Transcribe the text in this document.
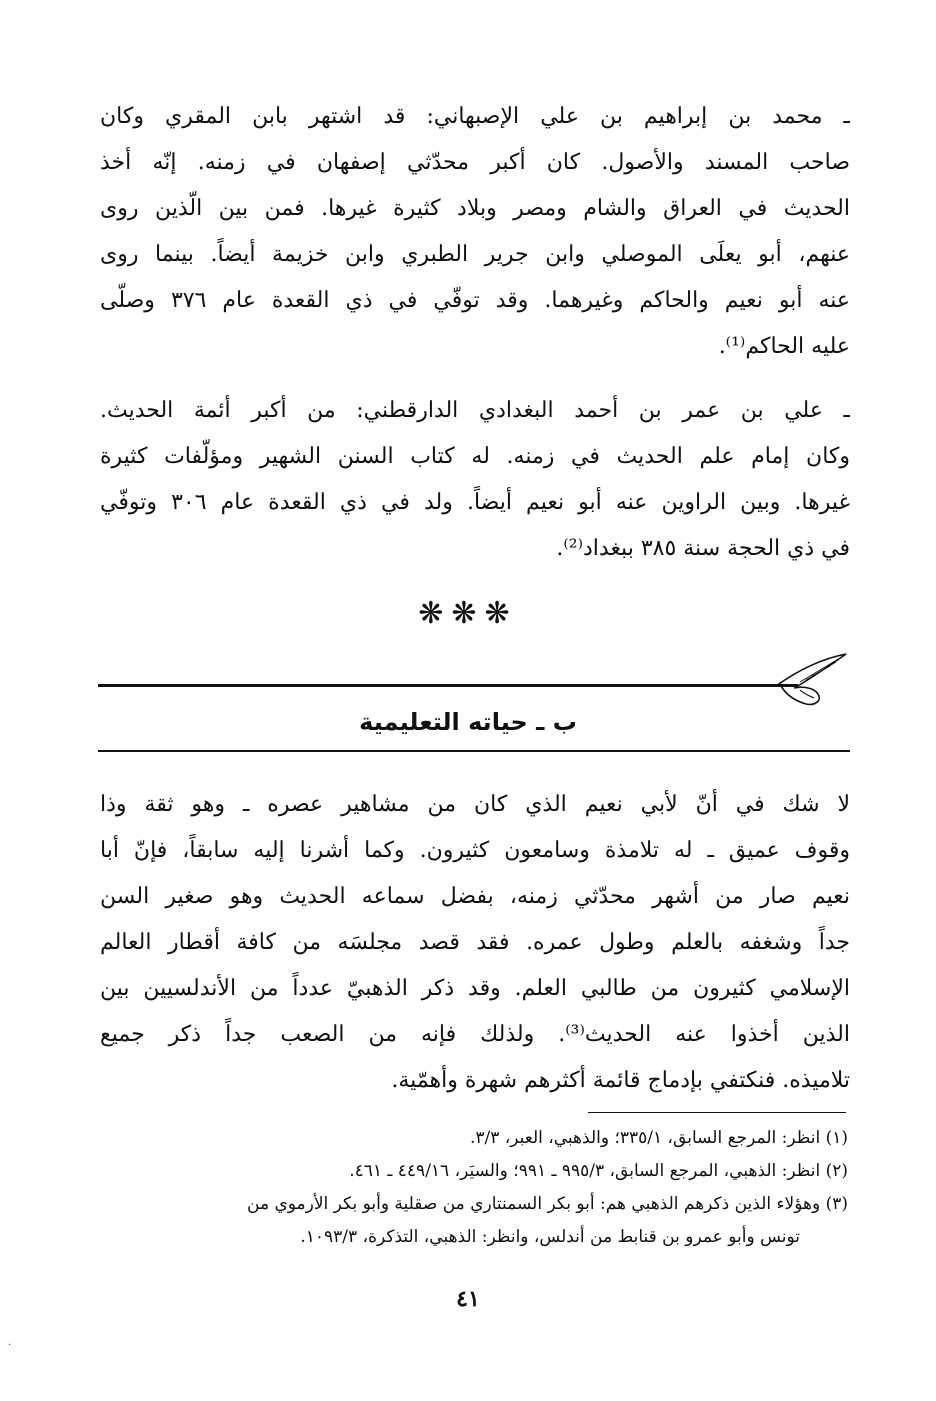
ـ محمد بن إبراهيم بن علي الإصبهاني: قد اشتهر بابن المقري وكان
صاحب المسند والأصول. كان أكبر محدّثي إصفهان في زمنه. إنّه أخذ
الحديث في العراق والشام ومصر وبلاد كثيرة غيرها. فمن بين الّذين روى
عنهم، أبو يعلَى الموصلي وابن جرير الطبري وابن خزيمة أيضاً. بينما روى
عنه أبو نعيم والحاكم وغيرهما. وقد توفّي في ذي القعدة عام ٣٧٦ وصلّى
عليه الحاكم⁽¹⁾.
ـ علي بن عمر بن أحمد البغدادي الدارقطني: من أكبر أئمة الحديث.
وكان إمام علم الحديث في زمنه. له كتاب السنن الشهير ومؤلّفات كثيرة
غيرها. وبين الراوين عنه أبو نعيم أيضاً. ولد في ذي القعدة عام ٣٠٦ وتوفّي
في ذي الحجة سنة ٣٨٥ ببغداد⁽²⁾.
❋❋❋
ب ـ حياته التعليمية
لا شك في أنّ لأبي نعيم الذي كان من مشاهير عصره ـ وهو ثقة وذا
وقوف عميق ـ له تلامذة وسامعون كثيرون. وكما أشرنا إليه سابقاً، فإنّ أبا
نعيم صار من أشهر محدّثي زمنه، بفضل سماعه الحديث وهو صغير السن
جداً وشغفه بالعلم وطول عمره. فقد قصد مجلسَه من كافة أقطار العالم
الإسلامي كثيرون من طالبي العلم. وقد ذكر الذهبيّ عدداً من الأندلسيين بين
الذين أخذوا عنه الحديث⁽³⁾. ولذلك فإنه من الصعب جداً ذكر جميع
تلاميذه. فنكتفي بإدماج قائمة أكثرهم شهرة وأهمّية.
(١) انظر: المرجع السابق، ٣٣٥/١؛ والذهبي، العبر، ٣/٣.
(٢) انظر: الذهبي، المرجع السابق، ٩٩٥/٣ ـ ٩٩١؛ والسيَر، ٤٤٩/١٦ ـ ٤٦١.
(٣) وهؤلاء الذين ذكرهم الذهبي هم: أبو بكر السمنتاري من صقلية وأبو بكر الأرموي من
تونس وأبو عمرو بن قنابط من أندلس، وانظر: الذهبي، التذكرة، ١٠٩٣/٣.
٤١
·
